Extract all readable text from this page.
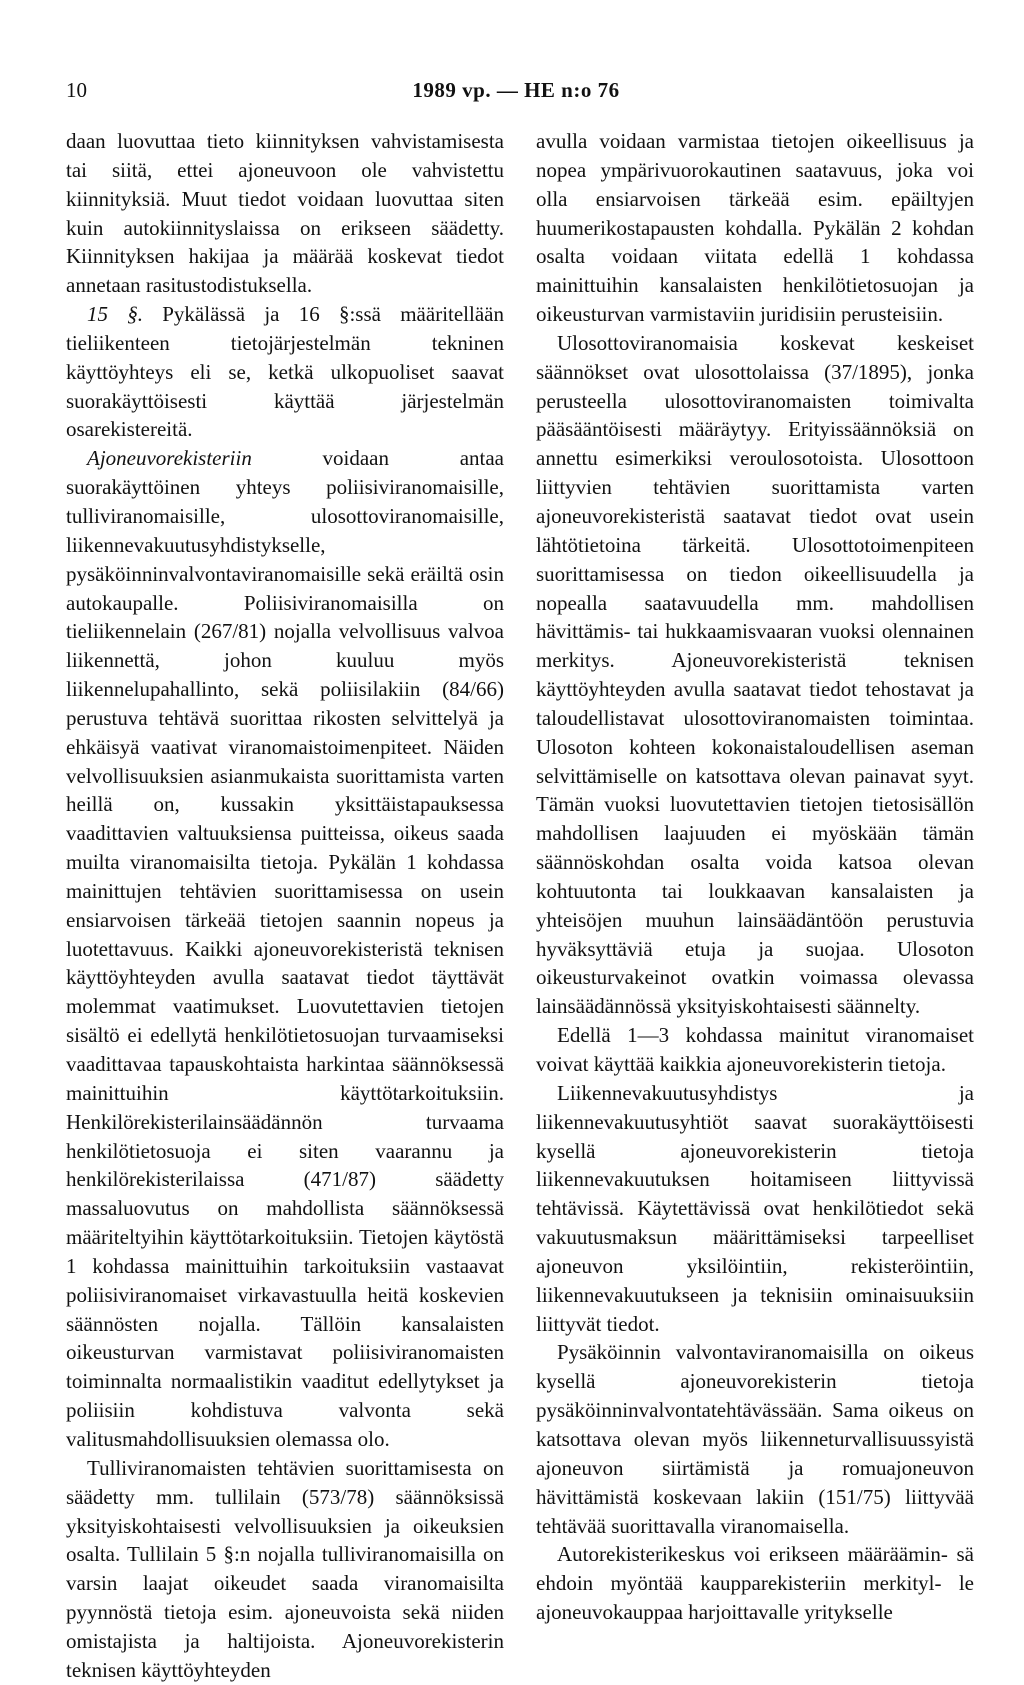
10	1989 vp. — HE n:o 76

daan luovuttaa tieto kiinnityksen vahvistamisesta tai siitä, ettei ajoneuvoon ole vahvistettu kiinnityksiä. Muut tiedot voidaan luovuttaa siten kuin autokiinnityslaissa on erikseen säädetty. Kiinnityksen hakijaa ja määrää koskevat tiedot annetaan rasitustodistuksella.

15 §. Pykälässä ja 16 §:ssä määritellään tieliikenteen tietojärjestelmän tekninen käyttöyhteys eli se, ketkä ulkopuoliset saavat suorakäyttöisesti käyttää järjestelmän osarekistereitä.

Ajoneuvorekisteriin voidaan antaa suorakäyttöinen yhteys poliisiviranomaisille, tulliviranomaisille, ulosottoviranomaisille, liikennevakuutusyhdistykselle, pysäköinninvalvontaviranomaisille sekä eräiltä osin autokaupalle. Poliisiviranomaisilla on tieliikennelain (267/81) nojalla velvollisuus valvoa liikennettä, johon kuuluu myös liikennelupahallinto, sekä poliisilakiin (84/66) perustuva tehtävä suorittaa rikosten selvittelyä ja ehkäisyä vaativat viranomaistoimenpiteet. Näiden velvollisuuksien asianmukaista suorittamista varten heillä on, kussakin yksittäistapauksessa vaadittavien valtuuksiensa puitteissa, oikeus saada muilta viranomaisilta tietoja. Pykälän 1 kohdassa mainittujen tehtävien suorittamisessa on usein ensiarvoisen tärkeää tietojen saannin nopeus ja luotettavuus. Kaikki ajoneuvorekisteristä teknisen käyttöyhteyden avulla saatavat tiedot täyttävät molemmat vaatimukset. Luovutettavien tietojen sisältö ei edellytä henkilötietosuojan turvaamiseksi vaadittavaa tapauskohtaista harkintaa säännöksessä mainittuihin käyttötarkoituksiin. Henkilörekisterilainsäädännön turvaama henkilötietosuoja ei siten vaarannu ja henkilörekisterilaissa (471/87) säädetty massaluovutus on mahdollista säännöksessä määriteltyihin käyttötarkoituksiin. Tietojen käytöstä 1 kohdassa mainittuihin tarkoituksiin vastaavat poliisiviranomaiset virkavastuulla heitä koskevien säännösten nojalla. Tällöin kansalaisten oikeusturvan varmistavat poliisiviranomaisten toiminnalta normaalistikin vaaditut edellytykset ja poliisiin kohdistuva valvonta sekä valitusmahdollisuuksien olemassa olo.

Tulliviranomaisten tehtävien suorittamisesta on säädetty mm. tullilain (573/78) säännöksissä yksityiskohtaisesti velvollisuuksien ja oikeuksien osalta. Tullilain 5 §:n nojalla tulliviranomaisilla on varsin laajat oikeudet saada viranomaisilta pyynnöstä tietoja esim. ajoneuvoista sekä niiden omistajista ja haltijoista. Ajoneuvorekisterin teknisen käyttöyhteyden

avulla voidaan varmistaa tietojen oikeellisuus ja nopea ympärivuorokautinen saatavuus, joka voi olla ensiarvoisen tärkeää esim. epäiltyjen huumerikostapausten kohdalla. Pykälän 2 kohdan osalta voidaan viitata edellä 1 kohdassa mainittuihin kansalaisten henkilötietosuojan ja oikeusturvan varmistaviin juridisiin perusteisiin.

Ulosottoviranomaisia koskevat keskeiset säännökset ovat ulosottolaissa (37/1895), jonka perusteella ulosottoviranomaisten toimivalta pääsääntöisesti määräytyy. Erityissäännöksiä on annettu esimerkiksi veroulosotoista. Ulosottoon liittyvien tehtävien suorittamista varten ajoneuvorekisteristä saatavat tiedot ovat usein lähtötietoina tärkeitä. Ulosottotoimenpiteen suorittamisessa on tiedon oikeellisuudella ja nopealla saatavuudella mm. mahdollisen hävittämis- tai hukkaamisvaaran vuoksi olennainen merkitys. Ajoneuvorekisteristä teknisen käyttöyhteyden avulla saatavat tiedot tehostavat ja taloudellistavat ulosottoviranomaisten toimintaa. Ulosoton kohteen kokonaistaloudellisen aseman selvittämiselle on katsottava olevan painavat syyt. Tämän vuoksi luovutettavien tietojen tietosisällön mahdollisen laajuuden ei myöskään tämän säännöskohdan osalta voida katsoa olevan kohtuutonta tai loukkaavan kansalaisten ja yhteisöjen muuhun lainsäädäntöön perustuvia hyväksyttäviä etuja ja suojaa. Ulosoton oikeusturvakeinot ovatkin voimassa olevassa lainsäädännössä yksityiskohtaisesti säännelty.

Edellä 1—3 kohdassa mainitut viranomaiset voivat käyttää kaikkia ajoneuvorekisterin tietoja.

Liikennevakuutusyhdistys ja liikennevakuutusyhtiöt saavat suorakäyttöisesti kysellä ajoneuvorekisterin tietoja liikennevakuutuksen hoitamiseen liittyvissä tehtävissä. Käytettävissä ovat henkilötiedot sekä vakuutusmaksun määrittämiseksi tarpeelliset ajoneuvon yksilöintiin, rekisteröintiin, liikennevakuutukseen ja teknisiin ominaisuuksiin liittyvät tiedot.

Pysäköinnin valvontaviranomaisilla on oikeus kysellä ajoneuvorekisterin tietoja pysäköinninvalvontatehtävässään. Sama oikeus on katsottava olevan myös liikenneturvallisuussyistä ajoneuvon siirtämistä ja romuajoneuvon hävittämistä koskevaan lakiin (151/75) liittyvää tehtävää suorittavalla viranomaisella.

Autorekisterikeskus voi erikseen määräämin- sä ehdoin myöntää kaupparekisteriin merkityl- le ajoneuvokauppaa harjoittavalle yritykselle
